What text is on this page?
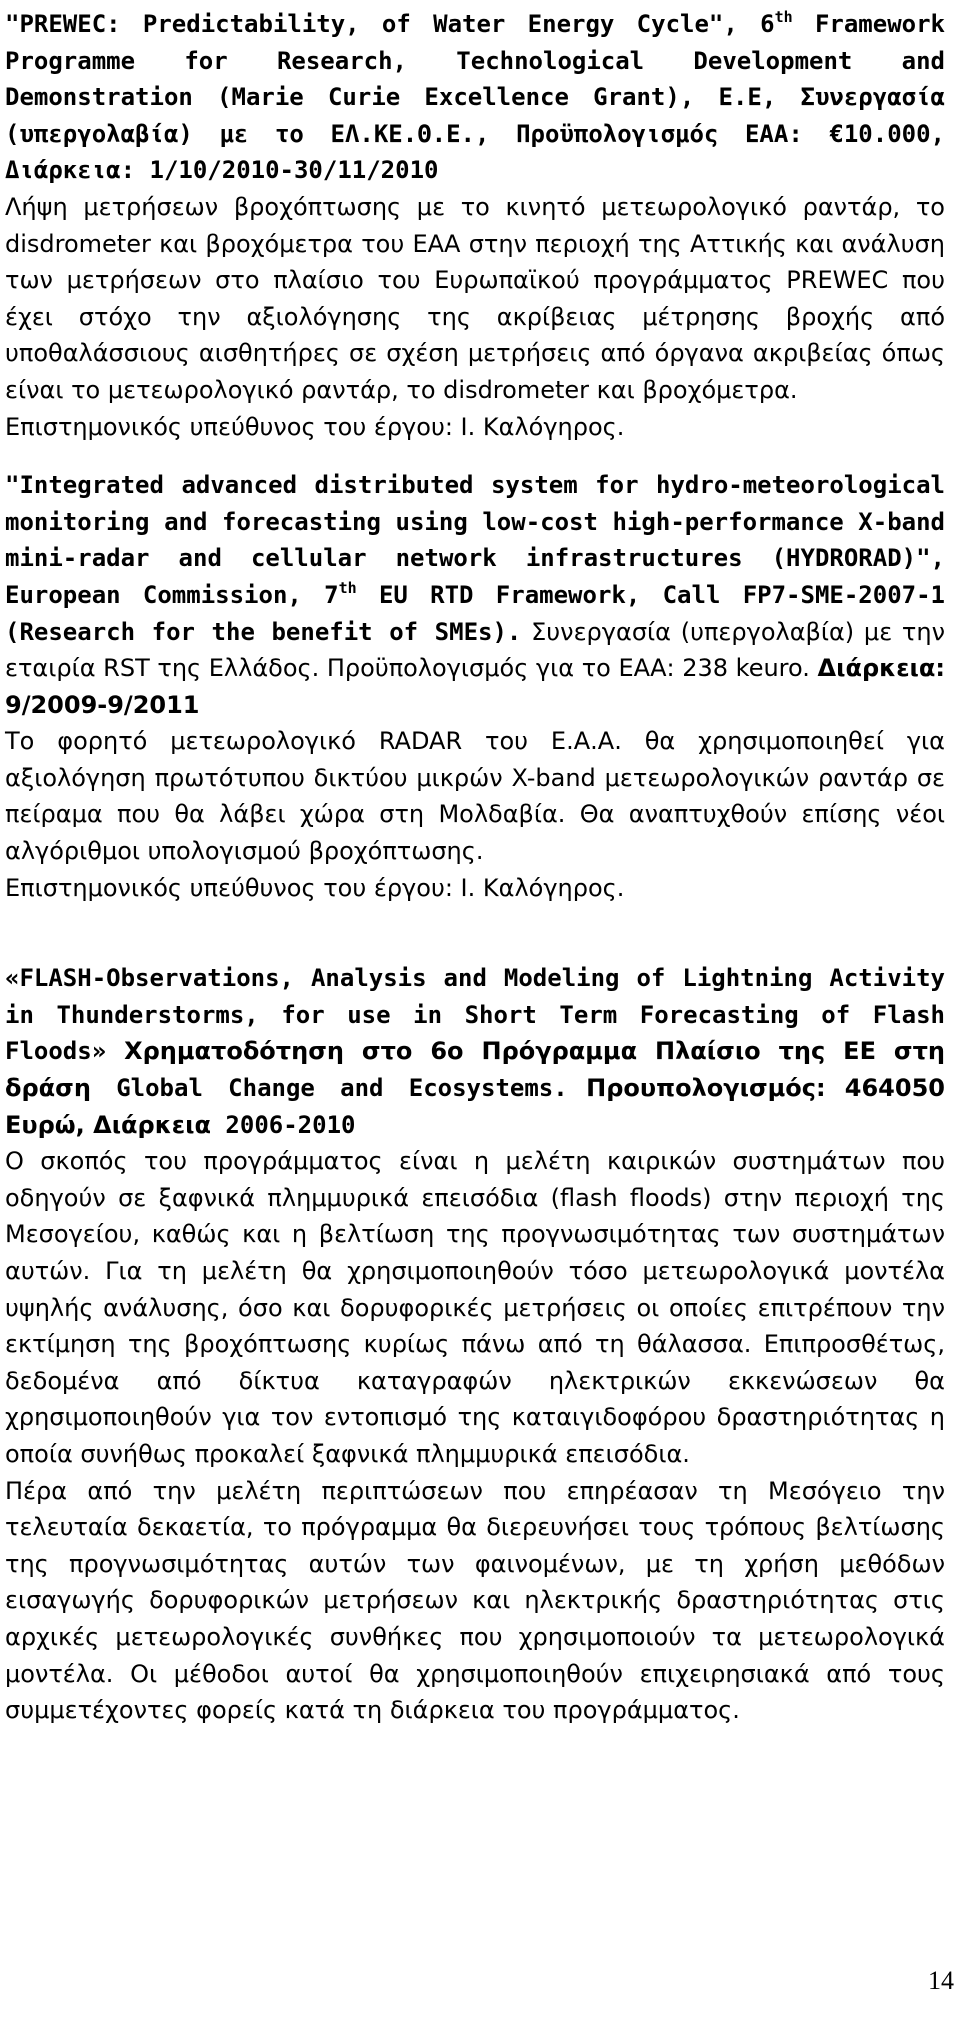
"PREWEC: Predictability, of Water Energy Cycle", 6th Framework Programme for Research, Technological Development and Demonstration (Marie Curie Excellence Grant), Ε.Ε, Συνεργασία (υπεργολαβία) με το ΕΛ.ΚΕ.Θ.Ε., Προϋπολογισμός ΕΑΑ: €10.000, Διάρκεια: 1/10/2010-30/11/2010

Λήψη μετρήσεων βροχόπτωσης με το κινητό μετεωρολογικό ραντάρ, το disdrometer και βροχόμετρα του ΕΑΑ στην περιοχή της Αττικής και ανάλυση των μετρήσεων στο πλαίσιο του Ευρωπαϊκού προγράμματος PREWEC που έχει στόχο την αξιολόγησης της ακρίβειας μέτρησης βροχής από υποθαλάσσιους αισθητήρες σε σχέση μετρήσεις από όργανα ακριβείας όπως είναι το μετεωρολογικό ραντάρ, το disdrometer και βροχόμετρα.

Επιστημονικός υπεύθυνος του έργου: Ι. Καλόγηρος.

"Integrated advanced distributed system for hydro-meteorological monitoring and forecasting using low-cost high-performance X-band mini-radar and cellular network infrastructures (HYDRORAD)", European Commission, 7th EU RTD Framework, Call FP7-SME-2007-1 (Research for the benefit of SMEs). Συνεργασία (υπεργολαβία) με την εταιρία RST της Ελλάδος. Προϋπολογισμός για το ΕΑΑ: 238 keuro. Διάρκεια: 9/2009-9/2011

Το φορητό μετεωρολογικό RADAR του Ε.Α.Α. θα χρησιμοποιηθεί για αξιολόγηση πρωτότυπου δικτύου μικρών X-band μετεωρολογικών ραντάρ σε πείραμα που θα λάβει χώρα στη Μολδαβία. Θα αναπτυχθούν επίσης νέοι αλγόριθμοι υπολογισμού βροχόπτωσης.

Επιστημονικός υπεύθυνος του έργου: Ι. Καλόγηρος.

«FLASH-Observations, Analysis and Modeling of Lightning Activity in Thunderstorms, for use in Short Term Forecasting of Flash Floods» Χρηματοδότηση στο 6ο Πρόγραμμα Πλαίσιο της ΕΕ στη δράση Global Change and Ecosystems. Προυπολογισμός: 464050 Ευρώ, Διάρκεια 2006-2010

Ο σκοπός του προγράμματος είναι η μελέτη καιρικών συστημάτων που οδηγούν σε ξαφνικά πλημμυρικά επεισόδια (flash floods) στην περιοχή της Μεσογείου, καθώς και η βελτίωση της προγνωσιμότητας των συστημάτων αυτών. Για τη μελέτη θα χρησιμοποιηθούν τόσο μετεωρολογικά μοντέλα υψηλής ανάλυσης, όσο και δορυφορικές μετρήσεις οι οποίες επιτρέπουν την εκτίμηση της βροχόπτωσης κυρίως πάνω από τη θάλασσα. Επιπροσθέτως, δεδομένα από δίκτυα καταγραφών ηλεκτρικών εκκενώσεων θα χρησιμοποιηθούν για τον εντοπισμό της καταιγιδοφόρου δραστηριότητας η οποία συνήθως προκαλεί ξαφνικά πλημμυρικά επεισόδια.

Πέρα από την μελέτη περιπτώσεων που επηρέασαν τη Μεσόγειο την τελευταία δεκαετία, το πρόγραμμα θα διερευνήσει τους τρόπους βελτίωσης της προγνωσιμότητας αυτών των φαινομένων, με τη χρήση μεθόδων εισαγωγής δορυφορικών μετρήσεων και ηλεκτρικής δραστηριότητας στις αρχικές μετεωρολογικές συνθήκες που χρησιμοποιούν τα μετεωρολογικά μοντέλα. Οι μέθοδοι αυτοί θα χρησιμοποιηθούν επιχειρησιακά από τους συμμετέχοντες φορείς κατά τη διάρκεια του προγράμματος.

14
